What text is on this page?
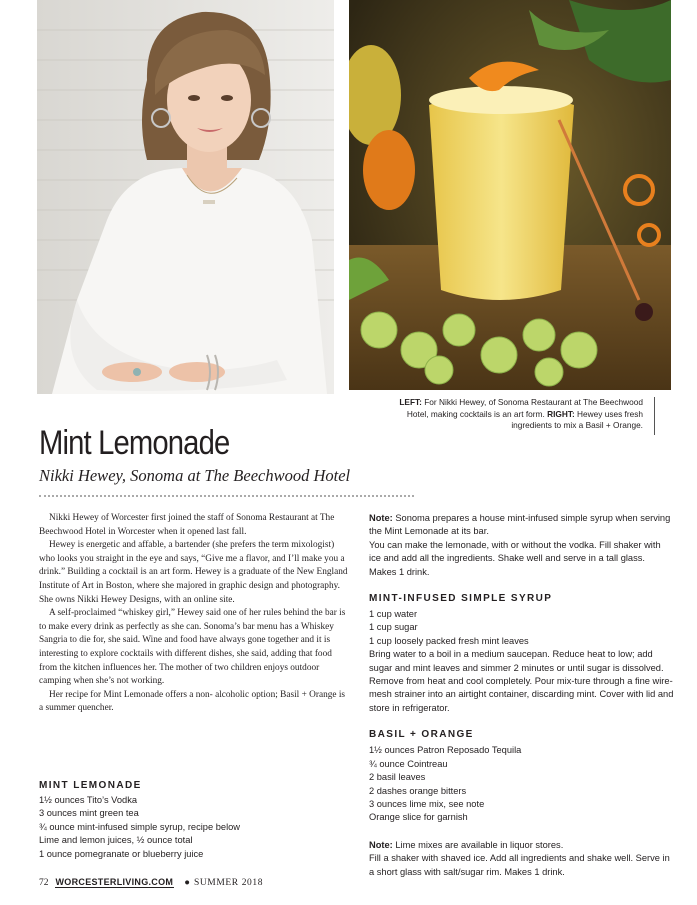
LEFT: For Nikki Hewey, of Sonoma Restaurant at The Beechwood Hotel, making cocktails is an art form. RIGHT: Hewey uses fresh ingredients to mix a Basil + Orange.
Mint Lemonade
Nikki Hewey, Sonoma at The Beechwood Hotel

Nikki Hewey of Worcester first joined the staff of Sonoma Restaurant at The Beechwood Hotel in Worcester when it opened last fall.

Hewey is energetic and affable, a bartender (she prefers the term mixologist) who looks you straight in the eye and says, “Give me a flavor, and I’ll make you a drink.” Building a cocktail is an art form. Hewey is a graduate of the New England Institute of Art in Boston, where she majored in graphic design and photography. She owns Nikki Hewey Designs, with an online site.

A self-proclaimed “whiskey girl,” Hewey said one of her rules behind the bar is to make every drink as perfectly as she can. Sonoma’s bar menu has a Whiskey Sangria to die for, she said. Wine and food have always gone together and it is interesting to explore cocktails with different dishes, she said, adding that food from the kitchen influences her. The mother of two children enjoys outdoor camping when she’s not working.

Her recipe for Mint Lemonade offers a non- alcoholic option; Basil + Orange is a summer quencher.

MINT LEMONADE
1½ ounces Tito’s Vodka
3 ounces mint green tea
¾ ounce mint-infused simple syrup, recipe below
Lime and lemon juices, ½ ounce total
1 ounce pomegranate or blueberry juice
Note: Sonoma prepares a house mint-infused simple syrup when serving the Mint Lemonade at its bar.
You can make the lemonade, with or without the vodka. Fill shaker with ice and add all the ingredients. Shake well and serve in a tall glass. Makes 1 drink.
MINT-INFUSED SIMPLE SYRUP
1 cup water
1 cup sugar
1 cup loosely packed fresh mint leaves
Bring water to a boil in a medium saucepan. Reduce heat to low; add sugar and mint leaves and simmer 2 minutes or until sugar is dissolved. Remove from heat and cool completely. Pour mix-ture through a fine wire-mesh strainer into an airtight container, discarding mint. Cover with lid and store in refrigerator.
BASIL + ORANGE
1½ ounces Patron Reposado Tequila
¾ ounce Cointreau
2 basil leaves
2 dashes orange bitters
3 ounces lime mix, see note
Orange slice for garnish
Note: Lime mixes are available in liquor stores.
Fill a shaker with shaved ice. Add all ingredients and shake well. Serve in a short glass with salt/sugar rim. Makes 1 drink.
72 WORCESTERLIVING.COM ● SUMMER 2018
